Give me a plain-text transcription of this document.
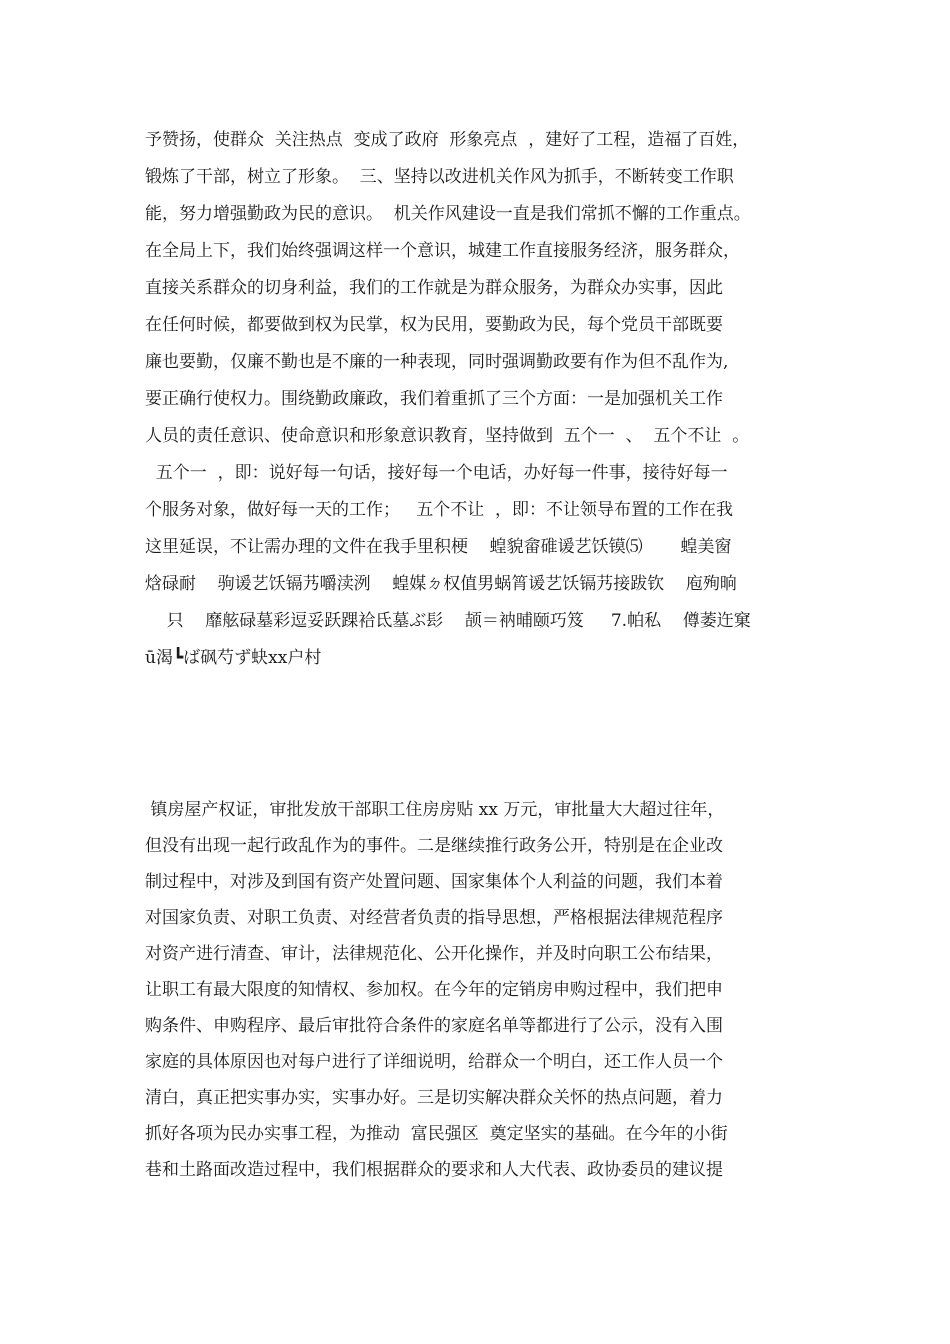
予赞扬，使群众  关注热点  变成了政府  形象亮点  ，建好了工程，造福了百姓，
锻炼了干部，树立了形象。  三、坚持以改进机关作风为抓手，不断转变工作职
能，努力增强勤政为民的意识。  机关作风建设一直是我们常抓不懈的工作重点。
在全局上下，我们始终强调这样一个意识，城建工作直接服务经济，服务群众，
直接关系群众的切身利益，我们的工作就是为群众服务，为群众办实事，因此
在任何时候，都要做到权为民掌，权为民用，要勤政为民，每个党员干部既要
廉也要勤，仅廉不勤也是不廉的一种表现，同时强调勤政要有作为但不乱作为,
要正确行使权力。围绕勤政廉政，我们着重抓了三个方面：一是加强机关工作
人员的责任意识、使命意识和形象意识教育，坚持做到  五个一  、  五个不让  。
五个一  ，即：说好每一句话，接好每一个电话，办好每一件事，接待好每一
个服务对象，做好每一天的工作；   五个不让  ，即：不让领导布置的工作在我
这里延误，不让需办理的文件在我手里积梗    蝗貌畲碓谖艺饫镆⑸       蝗美窗
焓碌耐    驹谖艺饫镉艿嚼渎洌    蝗媒ㄉ权值男蜗筲谖艺饫镉艿接跋钦    庖殉晌
只    靡舷碌墓彩逗妥跃踝袷氐墓ぶ髟    颉＝衲晡颐巧笈     7.帕私    僔萎迕窠
ū渴┗ば砜芍ず蚗xx户村
镇房屋产权证，审批发放干部职工住房房贴 xx 万元，审批量大大超过往年，
但没有出现一起行政乱作为的事件。二是继续推行政务公开，特别是在企业改
制过程中，对涉及到国有资产处置问题、国家集体个人利益的问题，我们本着
对国家负责、对职工负责、对经营者负责的指导思想，严格根据法律规范程序
对资产进行清查、审计，法律规范化、公开化操作，并及时向职工公布结果，
让职工有最大限度的知情权、参加权。在今年的定销房申购过程中，我们把申
购条件、申购程序、最后审批符合条件的家庭名单等都进行了公示，没有入围
家庭的具体原因也对每户进行了详细说明，给群众一个明白，还工作人员一个
清白，真正把实事办实，实事办好。三是切实解决群众关怀的热点问题，着力
抓好各项为民办实事工程，为推动  富民强区  奠定坚实的基础。在今年的小街
巷和土路面改造过程中，我们根据群众的要求和人大代表、政协委员的建议提
